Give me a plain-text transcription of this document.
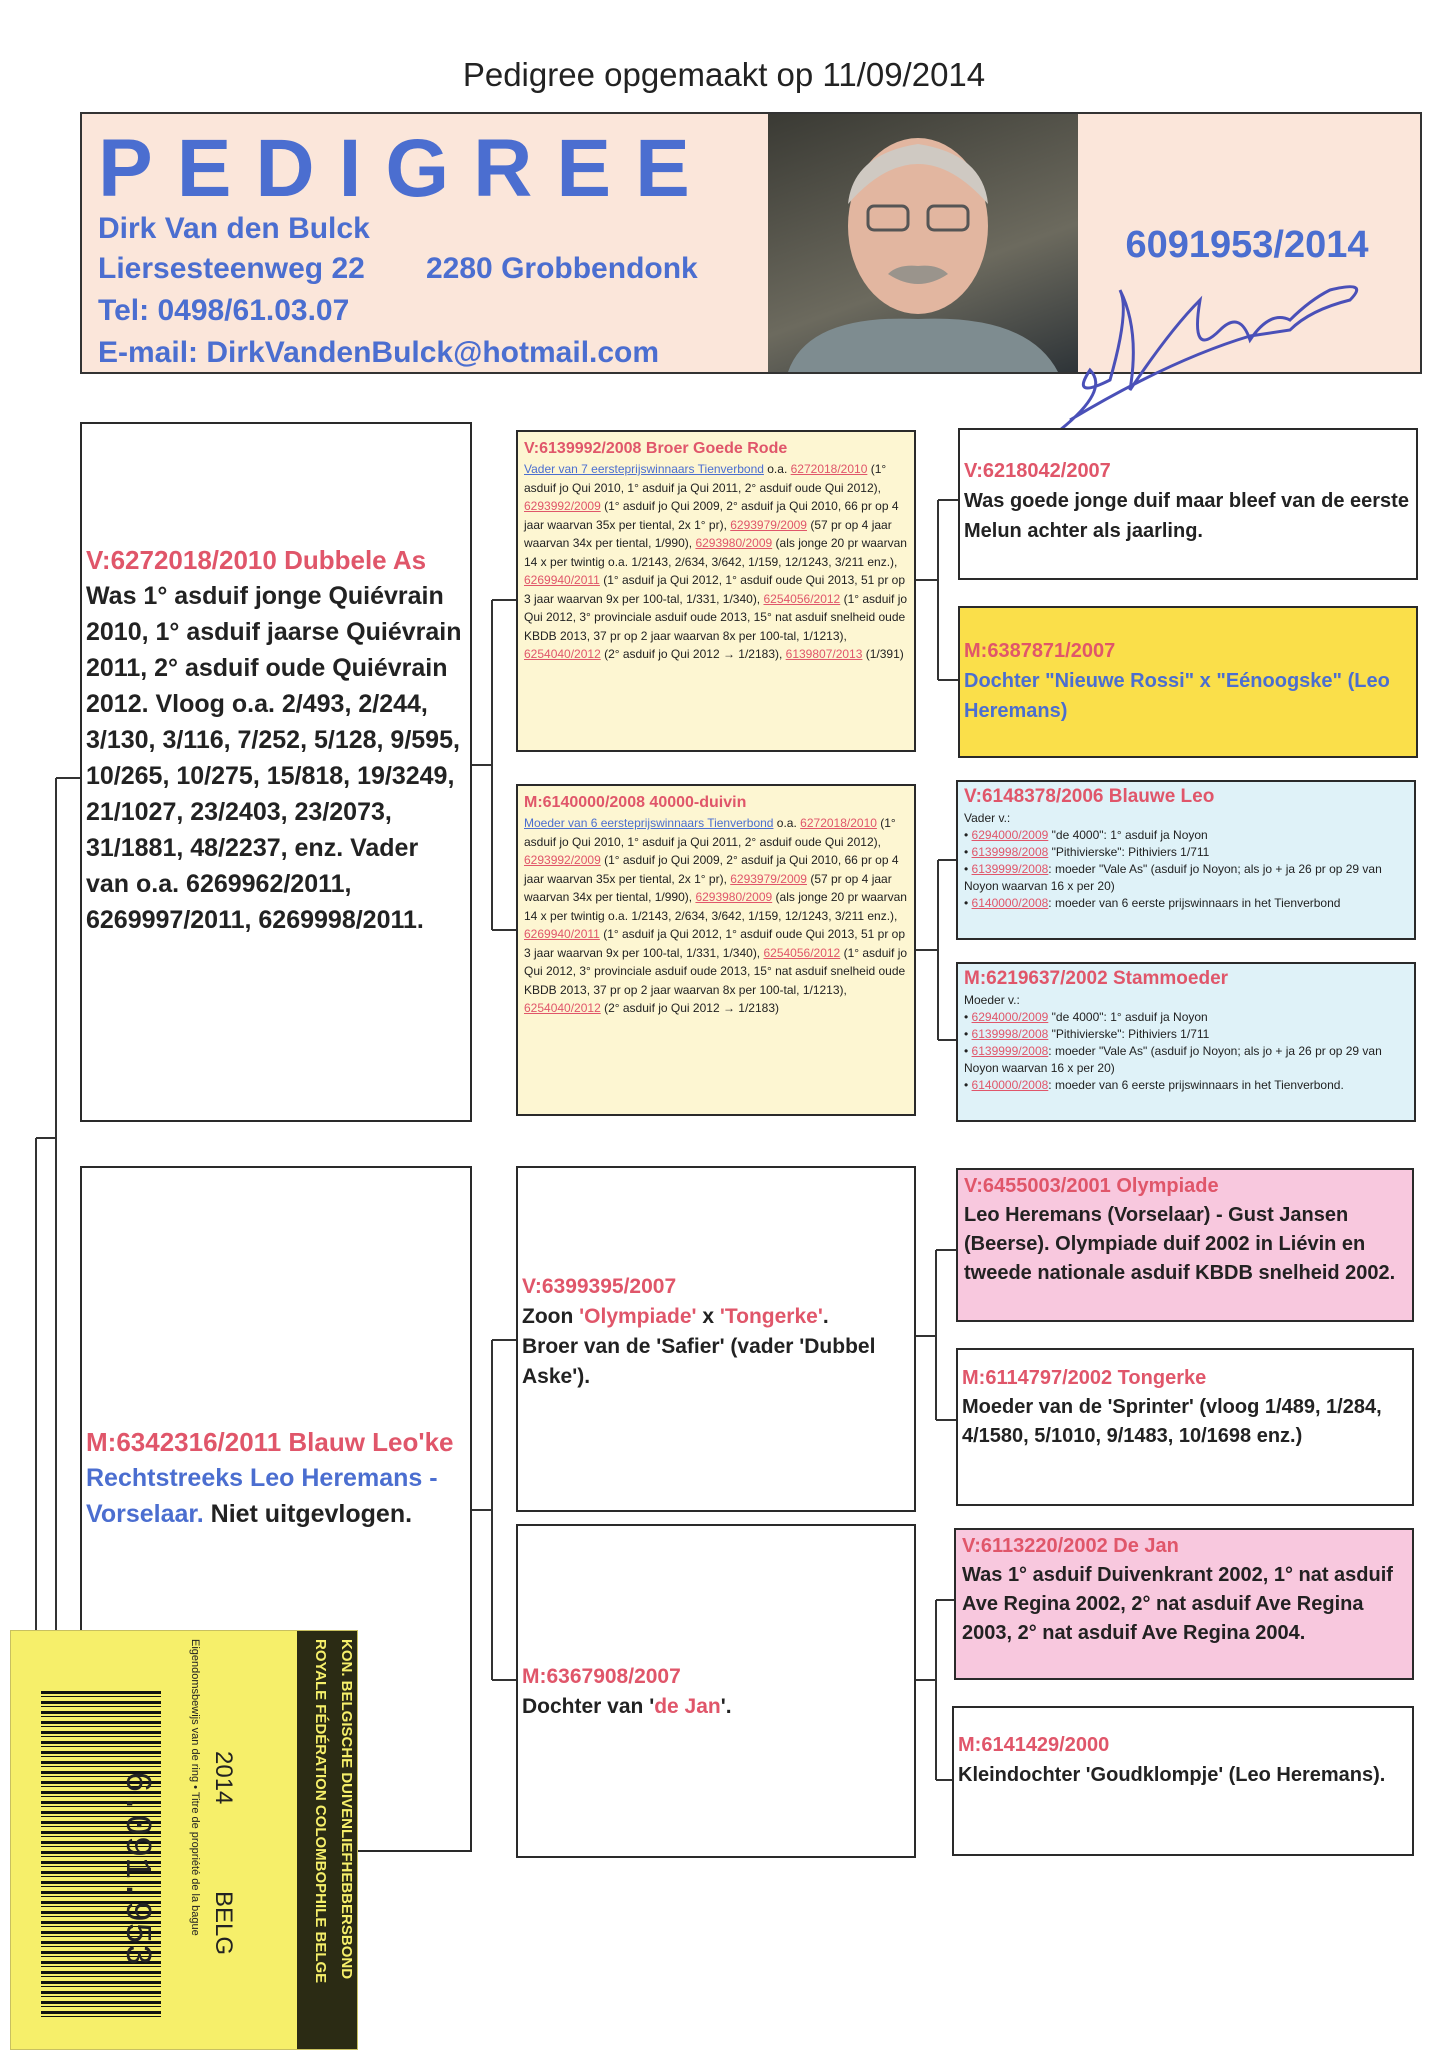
Pedigree opgemaakt op 11/09/2014
PEDIGREE
Dirk Van den Bulck
Liersesteenweg 22 2280 Grobbendonk
Tel: 0498/61.03.07
E-mail: DirkVandenBulck@hotmail.com
6091953/2014
V:6272018/2010 Dubbele As
Was 1° asduif jonge Quiévrain 2010, 1° asduif jaarse Quiévrain 2011, 2° asduif oude Quiévrain 2012. Vloog o.a. 2/493, 2/244, 3/130, 3/116, 7/252, 5/128, 9/595, 10/265, 10/275, 15/818, 19/3249, 21/1027, 23/2403, 23/2073, 31/1881, 48/2237, enz. Vader van o.a. 6269962/2011, 6269997/2011, 6269998/2011.
M:6342316/2011 Blauw Leo'ke
Rechtstreeks Leo Heremans - Vorselaar. Niet uitgevlogen.
V:6139992/2008 Broer Goede Rode
Vader van 7 eersteprijswinnaars Tienverbond o.a. 6272018/2010 (1° asduif jo Qui 2010, 1° asduif ja Qui 2011, 2° asduif oude Qui 2012), 6293992/2009 (1° asduif jo Qui 2009, 2° asduif ja Qui 2010, 66 pr op 4 jaar waarvan 35x per tiental, 2x 1° pr), 6293979/2009 (57 pr op 4 jaar waarvan 34x per tiental, 1/990), 6293980/2009 (als jonge 20 pr waarvan 14 x per twintig o.a. 1/2143, 2/634, 3/642, 1/159, 12/1243, 3/211 enz.), 6269940/2011 (1° asduif ja Qui 2012, 1° asduif oude Qui 2013, 51 pr op 3 jaar waarvan 9x per 100-tal, 1/331, 1/340), 6254056/2012 (1° asduif jo Qui 2012, 3° provinciale asduif oude 2013, 15° nat asduif snelheid oude KBDB 2013, 37 pr op 2 jaar waarvan 8x per 100-tal, 1/1213), 6254040/2012 (2° asduif jo Qui 2012 → 1/2183), 6139807/2013 (1/391)
M:6140000/2008 40000-duivin
Moeder van 6 eersteprijswinnaars Tienverbond o.a. 6272018/2010 (1° asduif jo Qui 2010, 1° asduif ja Qui 2011, 2° asduif oude Qui 2012), 6293992/2009 (1° asduif jo Qui 2009, 2° asduif ja Qui 2010, 66 pr op 4 jaar waarvan 35x per tiental, 2x 1° pr), 6293979/2009 (57 pr op 4 jaar waarvan 34x per tiental, 1/990), 6293980/2009 (als jonge 20 pr waarvan 14 x per twintig o.a. 1/2143, 2/634, 3/642, 1/159, 12/1243, 3/211 enz.), 6269940/2011 (1° asduif ja Qui 2012, 1° asduif oude Qui 2013, 51 pr op 3 jaar waarvan 9x per 100-tal, 1/331, 1/340), 6254056/2012 (1° asduif jo Qui 2012, 3° provinciale asduif oude 2013, 15° nat asduif snelheid oude KBDB 2013, 37 pr op 2 jaar waarvan 8x per 100-tal, 1/1213), 6254040/2012 (2° asduif jo Qui 2012 → 1/2183)
V:6399395/2007
Zoon 'Olympiade' x 'Tongerke'.
Broer van de 'Safier' (vader 'Dubbel Aske').
M:6367908/2007
Dochter van 'de Jan'.
V:6218042/2007
Was goede jonge duif maar bleef van de eerste Melun achter als jaarling.
M:6387871/2007
Dochter "Nieuwe Rossi" x "Eénoogske" (Leo Heremans)
V:6148378/2006 Blauwe Leo
Vader v.:
• 6294000/2009 "de 4000": 1° asduif ja Noyon
• 6139998/2008 "Pithivierske": Pithiviers 1/711
• 6139999/2008: moeder "Vale As" (asduif jo Noyon; als jo + ja 26 pr op 29 van Noyon waarvan 16 x per 20)
• 6140000/2008: moeder van 6 eerste prijswinnaars in het Tienverbond
M:6219637/2002 Stammoeder
Moeder v.:
• 6294000/2009 "de 4000": 1° asduif ja Noyon
• 6139998/2008 "Pithivierske": Pithiviers 1/711
• 6139999/2008: moeder "Vale As" (asduif jo Noyon; als jo + ja 26 pr op 29 van Noyon waarvan 16 x per 20)
• 6140000/2008: moeder van 6 eerste prijswinnaars in het Tienverbond.
V:6455003/2001 Olympiade
Leo Heremans (Vorselaar) - Gust Jansen (Beerse). Olympiade duif 2002 in Liévin en tweede nationale asduif KBDB snelheid 2002.
M:6114797/2002 Tongerke
Moeder van de 'Sprinter' (vloog 1/489, 1/284, 4/1580, 5/1010, 9/1483, 10/1698 enz.)
V:6113220/2002 De Jan
Was 1° asduif Duivenkrant 2002, 1° nat asduif Ave Regina 2002, 2° nat asduif Ave Regina 2003, 2° nat asduif Ave Regina 2004.
M:6141429/2000
Kleindochter 'Goudklompje' (Leo Heremans).
6.091.953 2014
BELG
Eigendomsbewijs van de ring • Titre de propriété de la bague	KON. BELGISCHE DUIVENLIEFHEBBERSBOND
ROYALE FÉDÉRATION COLOMBOPHILE BELGE
